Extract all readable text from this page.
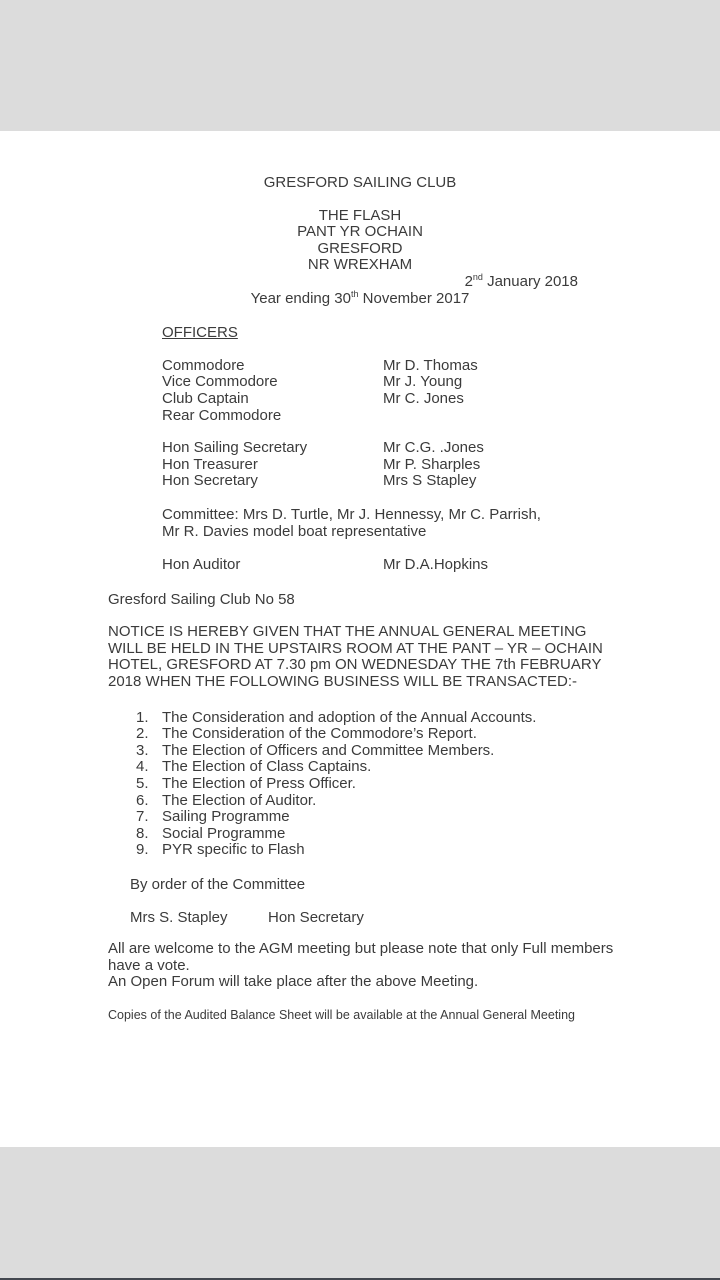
GRESFORD SAILING CLUB
THE FLASH
PANT YR OCHAIN
GRESFORD
NR WREXHAM
2nd January 2018
Year ending 30th November 2017
OFFICERS
Commodore	Mr D. Thomas
Vice Commodore	Mr J. Young
Club Captain	Mr C. Jones
Rear Commodore
Hon Sailing Secretary	Mr C.G. .Jones
Hon Treasurer	Mr P. Sharples
Hon Secretary	Mrs S Stapley
Committee: Mrs D. Turtle, Mr J. Hennessy, Mr C. Parrish,
Mr R. Davies model boat representative
Hon Auditor	Mr D.A.Hopkins
Gresford Sailing Club No 58
NOTICE IS HEREBY GIVEN THAT THE ANNUAL GENERAL MEETING
WILL BE HELD IN THE UPSTAIRS ROOM AT THE PANT – YR – OCHAIN
HOTEL, GRESFORD AT 7.30 pm ON WEDNESDAY THE 7th FEBRUARY
2018 WHEN THE FOLLOWING BUSINESS WILL BE TRANSACTED:-
1. The Consideration and adoption of the Annual Accounts.
2. The Consideration of the Commodore’s Report.
3. The Election of Officers and Committee Members.
4. The Election of Class Captains.
5. The Election of Press Officer.
6. The Election of Auditor.
7. Sailing Programme
8. Social Programme
9. PYR specific to Flash
By order of the Committee
Mrs S. Stapley	Hon Secretary
All are welcome to the AGM meeting but please note that only Full members
have a vote.
An Open Forum will take place after the above Meeting.
Copies of the Audited Balance Sheet will be available at the Annual General Meeting
